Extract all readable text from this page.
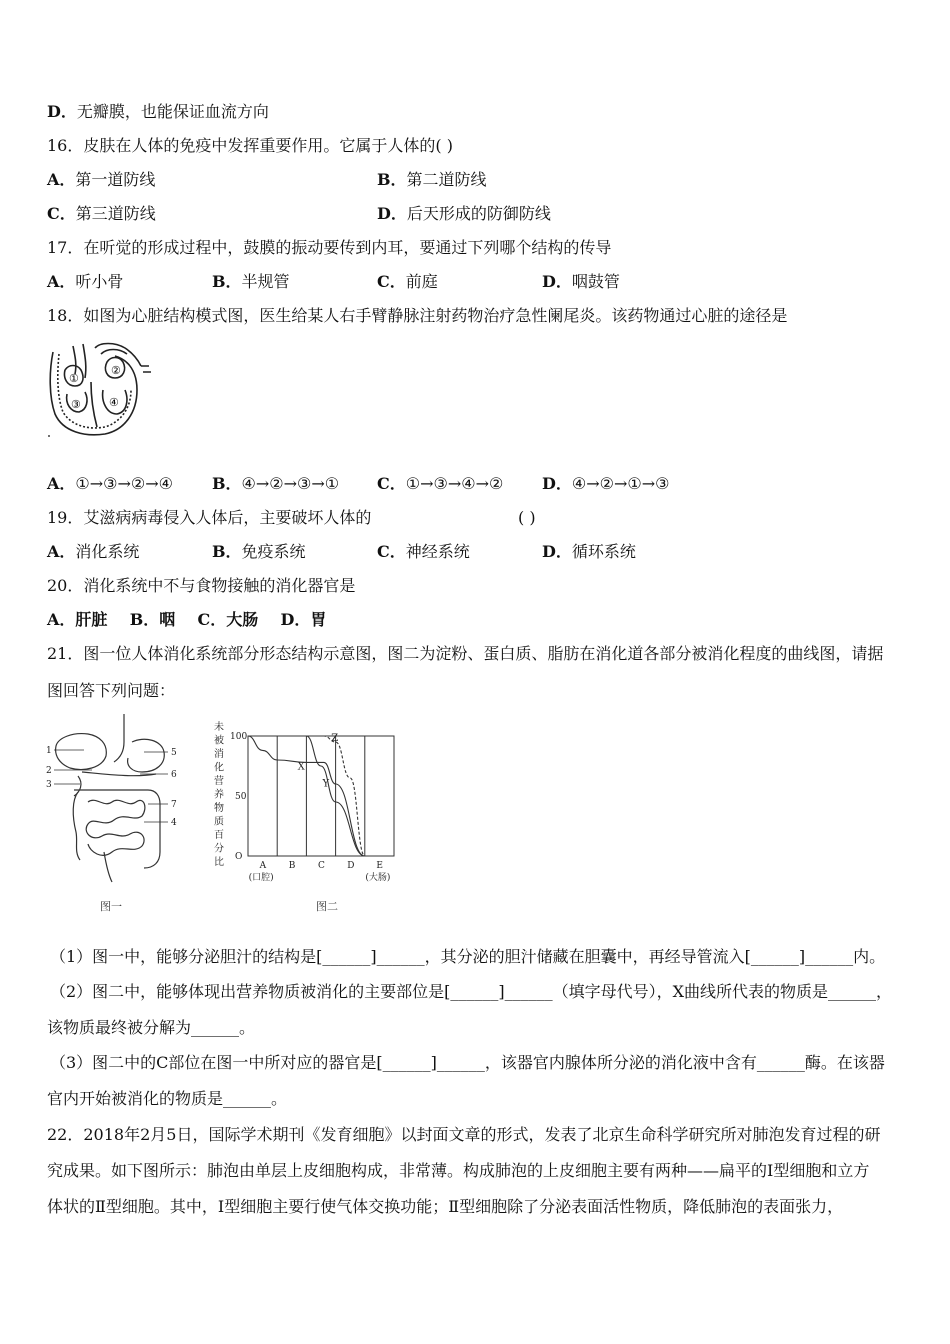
D．无瓣膜，也能保证血流方向
16．皮肤在人体的免疫中发挥重要作用。它属于人体的( )
A．第一道防线	B．第二道防线
C．第三道防线	D．后天形成的防御防线
17．在听觉的形成过程中，鼓膜的振动要传到内耳，要通过下列哪个结构的传导
A．听小骨	B．半规管	C．前庭	D．咽鼓管
18．如图为心脏结构模式图，医生给某人右手臂静脉注射药物治疗急性阑尾炎。该药物通过心脏的途径是
①
②
③	④
A．①→③→②→④ B．④→②→③→① C．①→③→④→② D．④→②→①→③
19．艾滋病病毒侵入人体后，主要破坏人体的	( )
A．消化系统	B．免疫系统	C．神经系统	D．循环系统
20．消化系统中不与食物接触的消化器官是
A．肝脏    B．咽    C．大肠    D．胃
21．图一位人体消化系统部分形态结构示意图，图二为淀粉、蛋白质、脂肪在消化道各部分被消化程度的曲线图，请据
图回答下列问题：
1
2
3
5
6
7
4
图一
未
被
消
化
营
养
物
质
百
分
比
100
50
O
A	B	C D E
X
Y
Z
(口腔)	(大肠)
图二
（1）图一中，能够分泌胆汁的结构是[______]______，其分泌的胆汁储藏在胆囊中，再经导管流入[______]______内。
（2）图二中，能够体现出营养物质被消化的主要部位是[______]______（填字母代号），X曲线所代表的物质是______，
该物质最终被分解为______。
（3）图二中的C部位在图一中所对应的器官是[______]______，该器官内腺体所分泌的消化液中含有______酶。在该器
官内开始被消化的物质是______。
22．2018年2月5日，国际学术期刊《发育细胞》以封面文章的形式，发表了北京生命科学研究所对肺泡发育过程的研
究成果。如下图所示：肺泡由单层上皮细胞构成，非常薄。构成肺泡的上皮细胞主要有两种——扁平的Ⅰ型细胞和立方
体状的Ⅱ型细胞。其中，Ⅰ型细胞主要行使气体交换功能；Ⅱ型细胞除了分泌表面活性物质，降低肺泡的表面张力，
